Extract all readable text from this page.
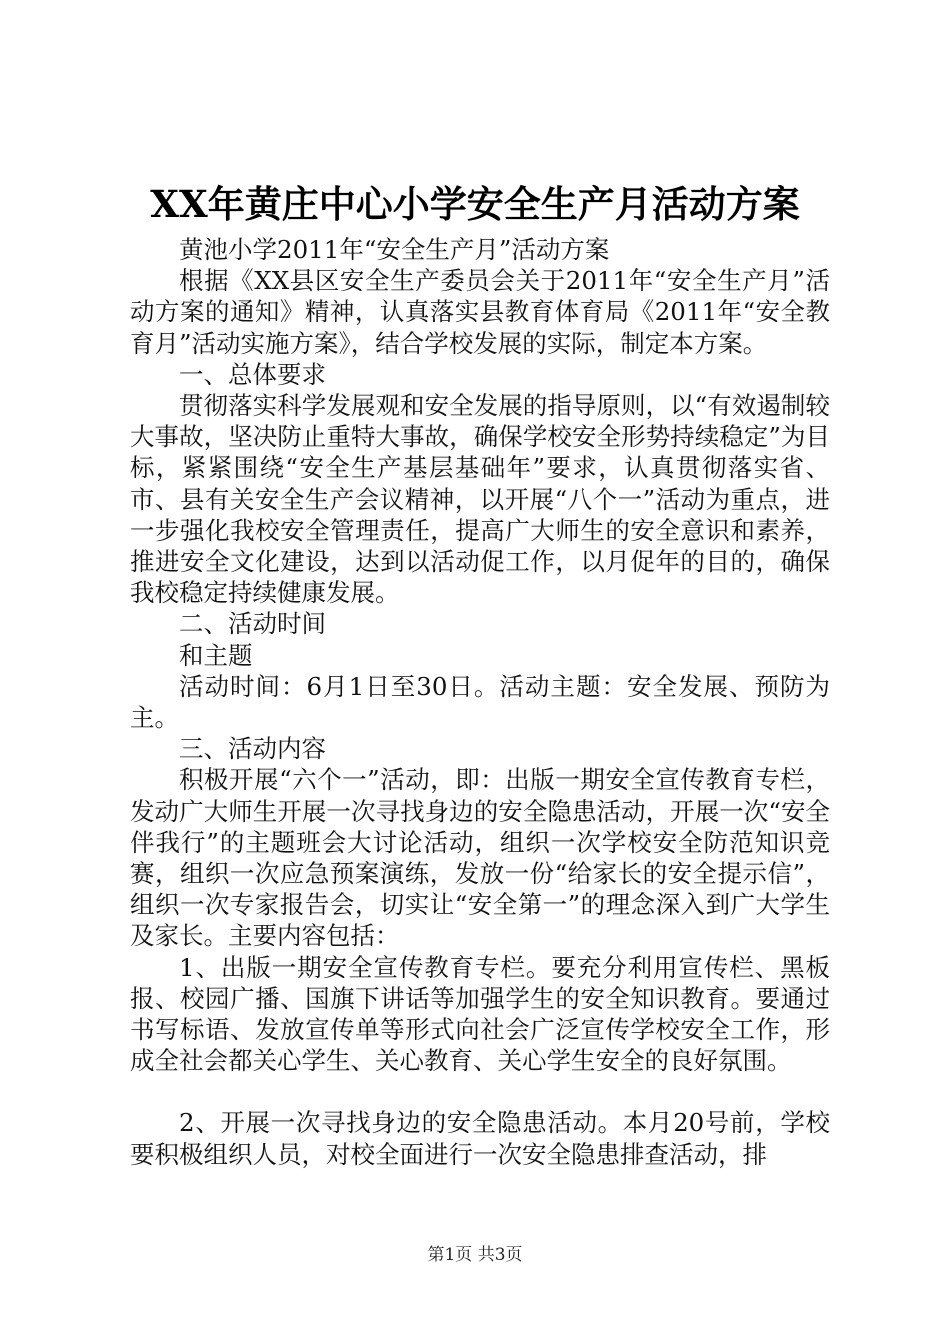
XX年黄庄中心小学安全生产月活动方案

黄池小学2011年“安全生产月”活动方案

根据《XX县区安全生产委员会关于2011年“安全生产月”活动方案的通知》精神，认真落实县教育体育局《2011年“安全教育月”活动实施方案》，结合学校发展的实际，制定本方案。

一、总体要求

贯彻落实科学发展观和安全发展的指导原则，以“有效遏制较大事故，坚决防止重特大事故，确保学校安全形势持续稳定”为目标，紧紧围绕“安全生产基层基础年”要求，认真贯彻落实省、市、县有关安全生产会议精神，以开展“八个一”活动为重点，进一步强化我校安全管理责任，提高广大师生的安全意识和素养，推进安全文化建设，达到以活动促工作，以月促年的目的，确保我校稳定持续健康发展。

二、活动时间

和主题

活动时间：6月1日至30日。活动主题：安全发展、预防为主。

三、活动内容

积极开展“六个一”活动，即：出版一期安全宣传教育专栏，发动广大师生开展一次寻找身边的安全隐患活动，开展一次“安全伴我行”的主题班会大讨论活动，组织一次学校安全防范知识竞赛，组织一次应急预案演练，发放一份“给家长的安全提示信”，组织一次专家报告会，切实让“安全第一”的理念深入到广大学生及家长。主要内容包括：

1、出版一期安全宣传教育专栏。要充分利用宣传栏、黑板报、校园广播、国旗下讲话等加强学生的安全知识教育。要通过书写标语、发放宣传单等形式向社会广泛宣传学校安全工作，形成全社会都关心学生、关心教育、关心学生安全的良好氛围。

2、开展一次寻找身边的安全隐患活动。本月20号前，学校要积极组织人员，对校全面进行一次安全隐患排查活动，排

第1页 共3页
